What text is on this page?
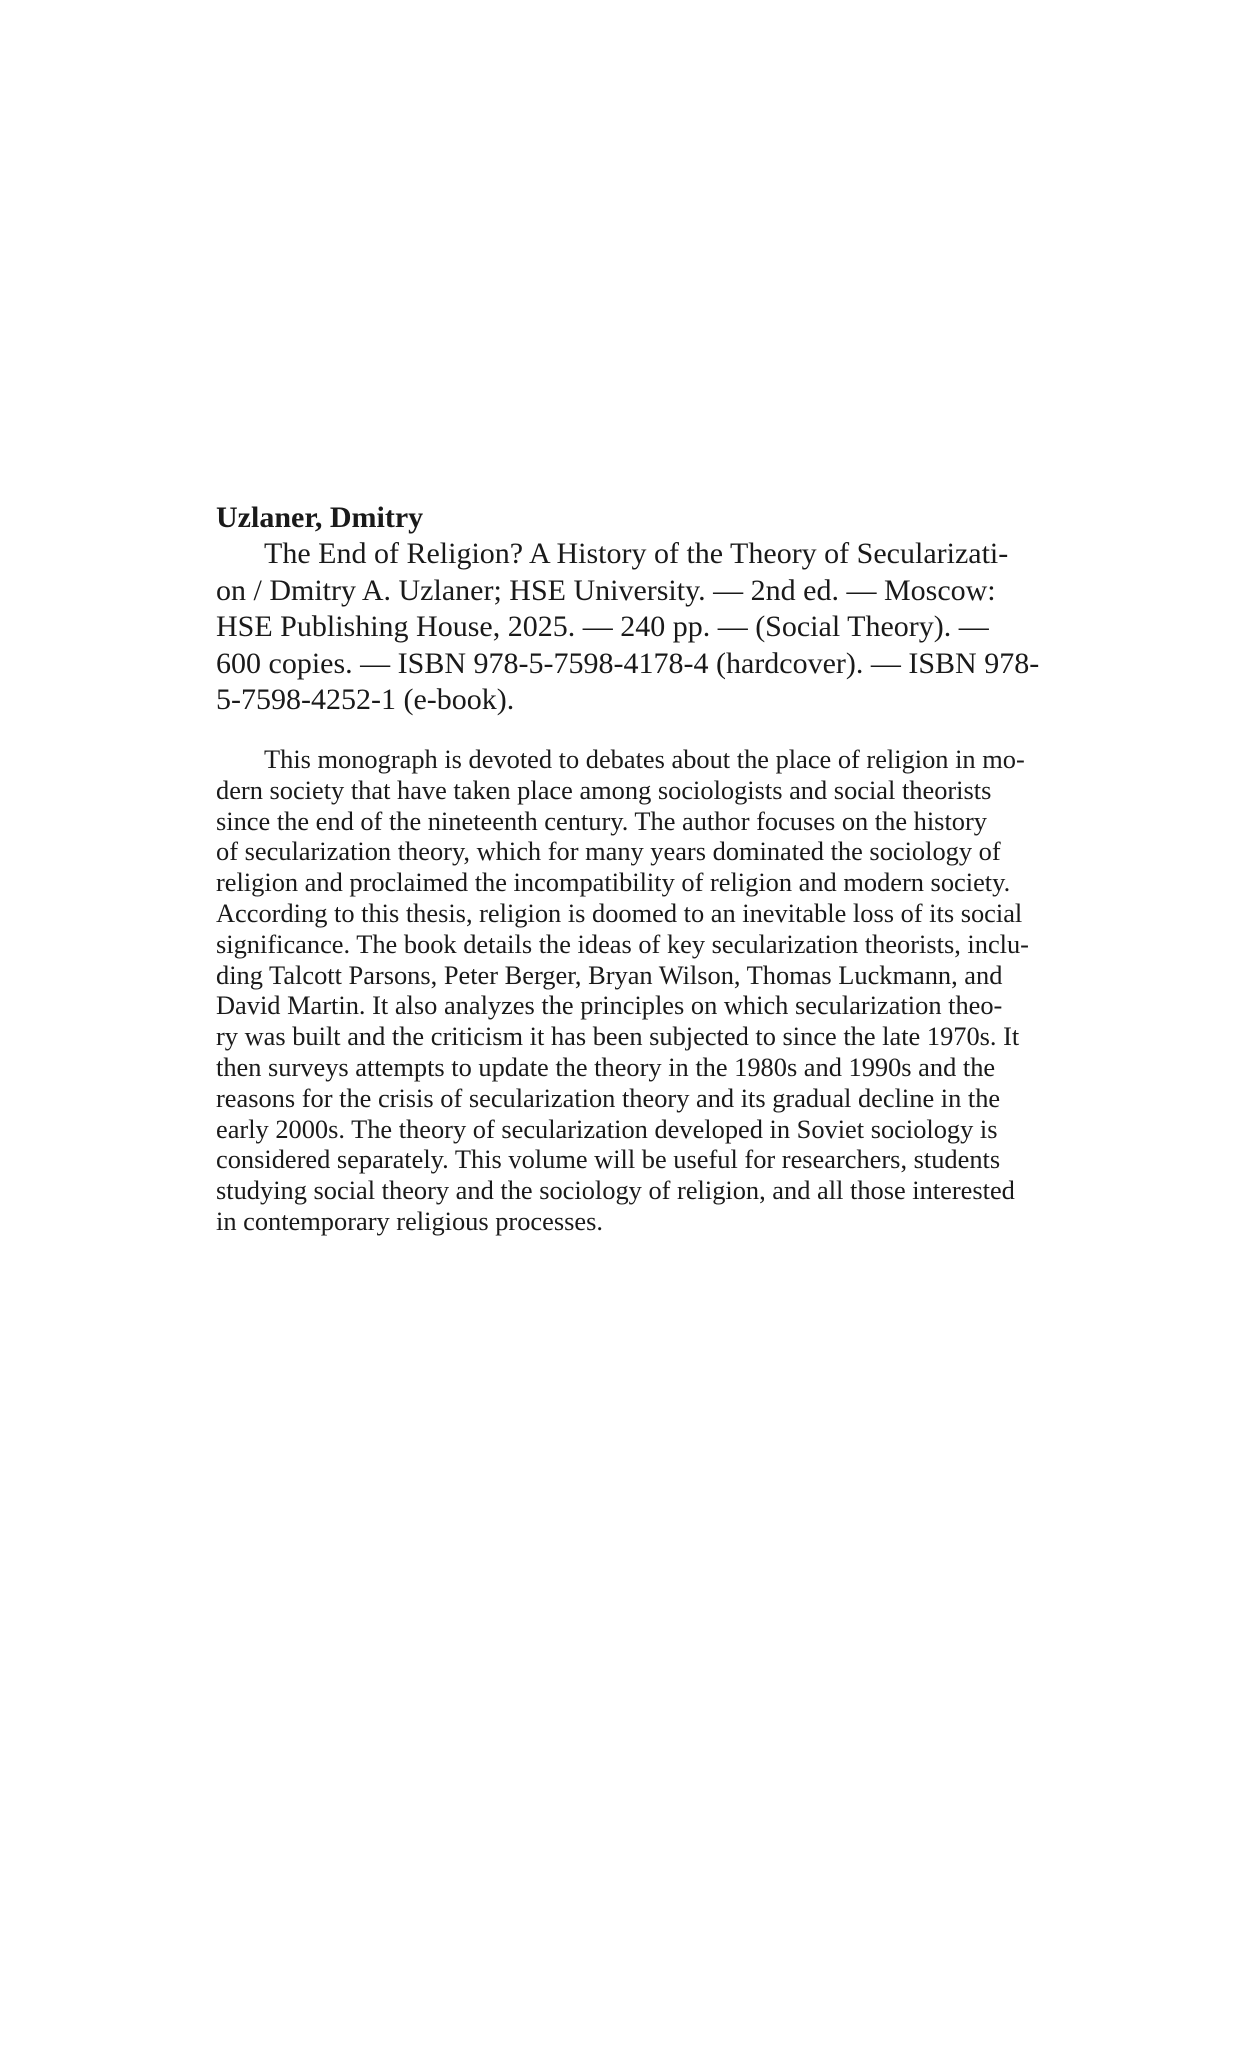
Uzlaner, Dmitry

The End of Religion? A History of the Theory of Secularizati-

on / Dmitry A. Uzlaner; HSE University. — 2nd ed. — Moscow:

HSE Publishing House, 2025. — 240 pp. — (Social Theory). —

600 copies. — ISBN 978-5-7598-4178-4 (hardcover). — ISBN 978-

5-7598-4252-1 (e-book).

This monograph is devoted to debates about the place of religion in mo-

dern society that have taken place among sociologists and social theorists

since the end of the nineteenth century. The author focuses on the history

of secularization theory, which for many years dominated the sociology of

religion and proclaimed the incompatibility of religion and modern society.

According to this thesis, religion is doomed to an inevitable loss of its social

significance. The book details the ideas of key secularization theorists, inclu-

ding Talcott Parsons, Peter Berger, Bryan Wilson, Thomas Luckmann, and

David Martin. It also analyzes the principles on which secularization theo-

ry was built and the criticism it has been subjected to since the late 1970s. It

then surveys attempts to update the theory in the 1980s and 1990s and the

reasons for the crisis of secularization theory and its gradual decline in the

early 2000s. The theory of secularization developed in Soviet sociology is

considered separately. This volume will be useful for researchers, students

studying social theory and the sociology of religion, and all those interested

in contemporary religious processes.
